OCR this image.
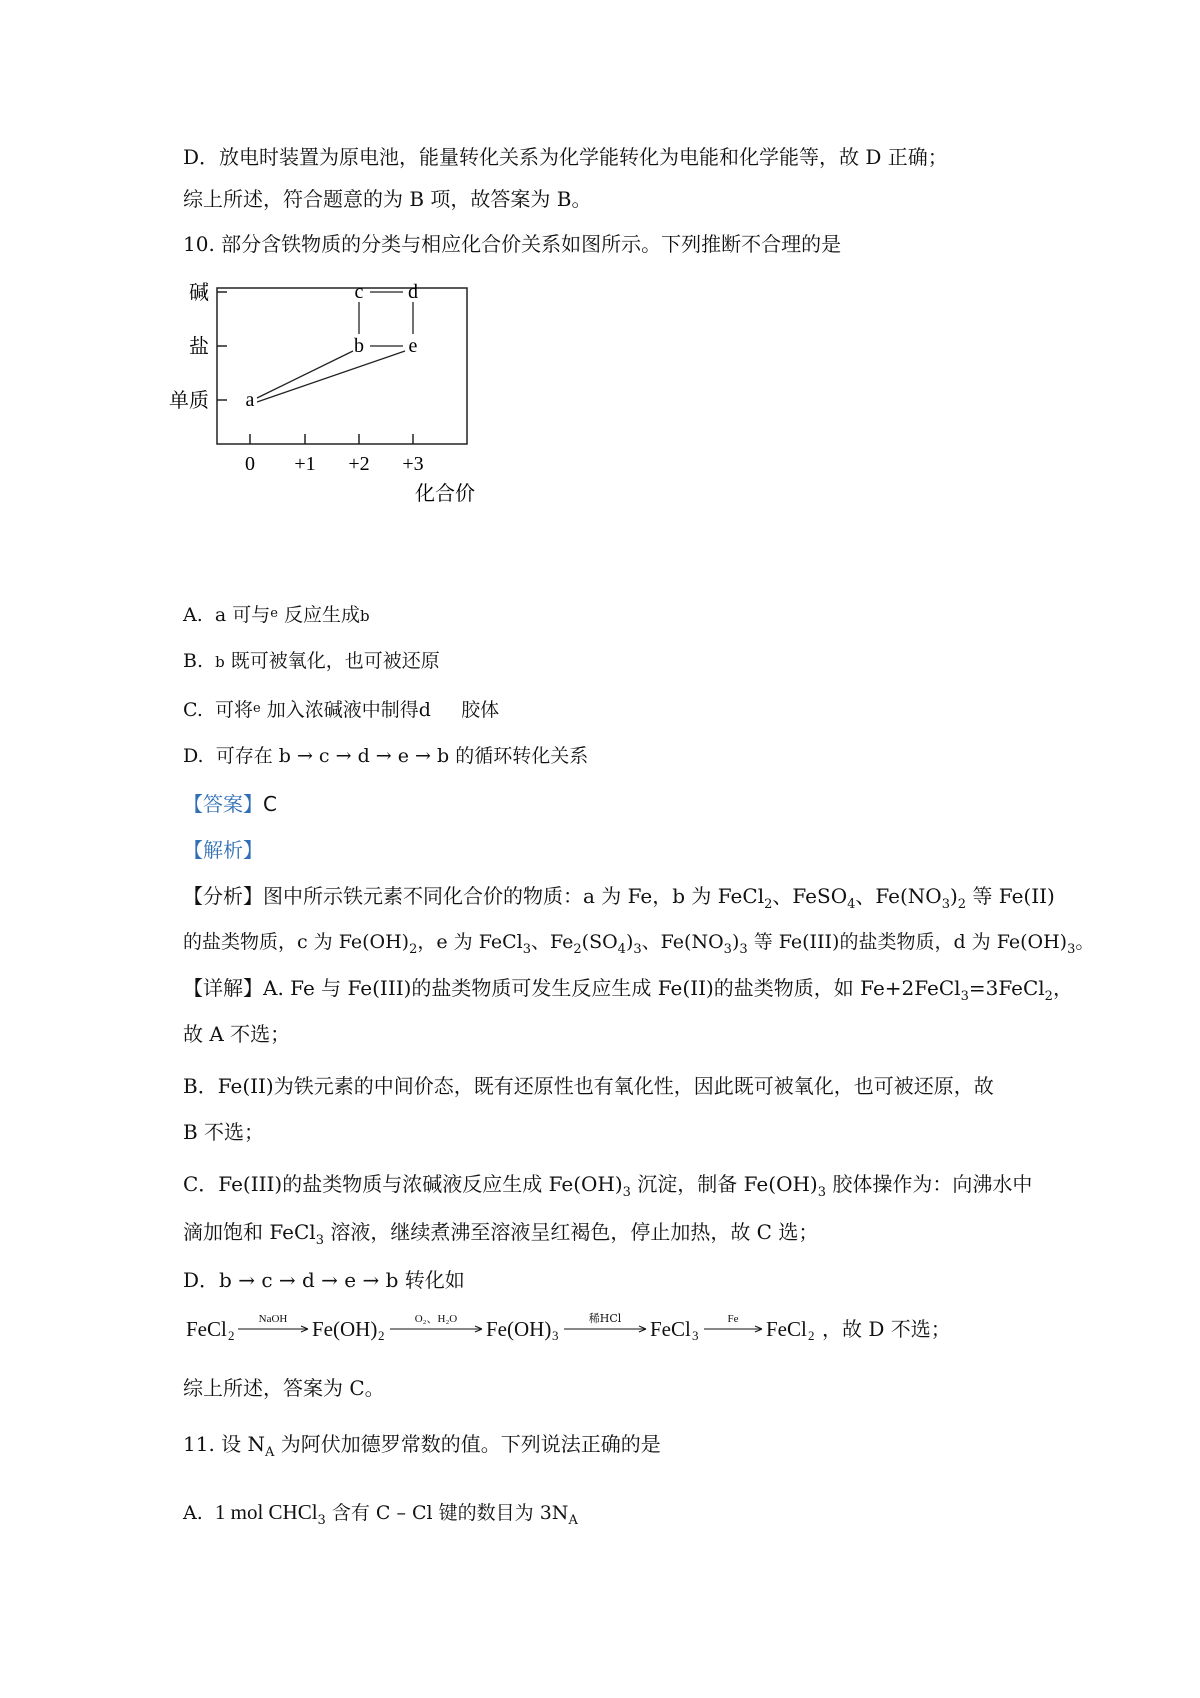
D．放电时装置为原电池，能量转化关系为化学能转化为电能和化学能等，故 D 正确；
综上所述，符合题意的为 B 项，故答案为 B。
10. 部分含铁物质的分类与相应化合价关系如图所示。下列推断不合理的是
碱
盐
单质
0 +1 +2 +3
化合价
c d
b e
a
A. a 可与$^e$ 反应生成b
B. b 既可被氧化，也可被还原
C. 可将$^e$ 加入浓碱液中制得d 胶体
D. 可存在 b → c → d → e → b 的循环转化关系
【答案】C
【解析】
【分析】图中所示铁元素不同化合价的物质：a 为 Fe，b 为 FeCl$_2$、FeSO$_4$、$Fe(NO_3)_2$ 等 Fe(II)
的盐类物质，c 为 $Fe(OH)_2$，e 为 FeCl$_3$、$Fe_2(SO_4)_3$、$Fe(NO_3)_3$ 等 Fe(III)的盐类物质，d 为 $Fe(OH)_3$。
【详解】A. Fe 与 Fe(III)的盐类物质可发生反应生成 Fe(II)的盐类物质，如 Fe+2FeCl$_3$=3FeCl$_2$，
故 A 不选；
B．Fe(II)为铁元素的中间价态，既有还原性也有氧化性，因此既可被氧化，也可被还原，故
B 不选；
C．Fe(III)的盐类物质与浓碱液反应生成 $Fe(OH)_3$ 沉淀，制备 $Fe(OH)_3$ 胶体操作为：向沸水中
滴加饱和 FeCl$_3$ 溶液，继续煮沸至溶液呈红褐色，停止加热，故 C 选；
D．b → c → d → e → b 转化如
FeCl 2
NaOH Fe(OH) 2
O₂、H₂O Fe(OH) 3
稀HCl FeCl 3
Fe FeCl 2 ，故 D 不选；
综上所述，答案为 C。
11. 设 $N_A$ 为阿伏加德罗常数的值。下列说法正确的是
A. 1 mol CHCl$_3$ 含有 C – Cl 键的数目为 $3N_A$
